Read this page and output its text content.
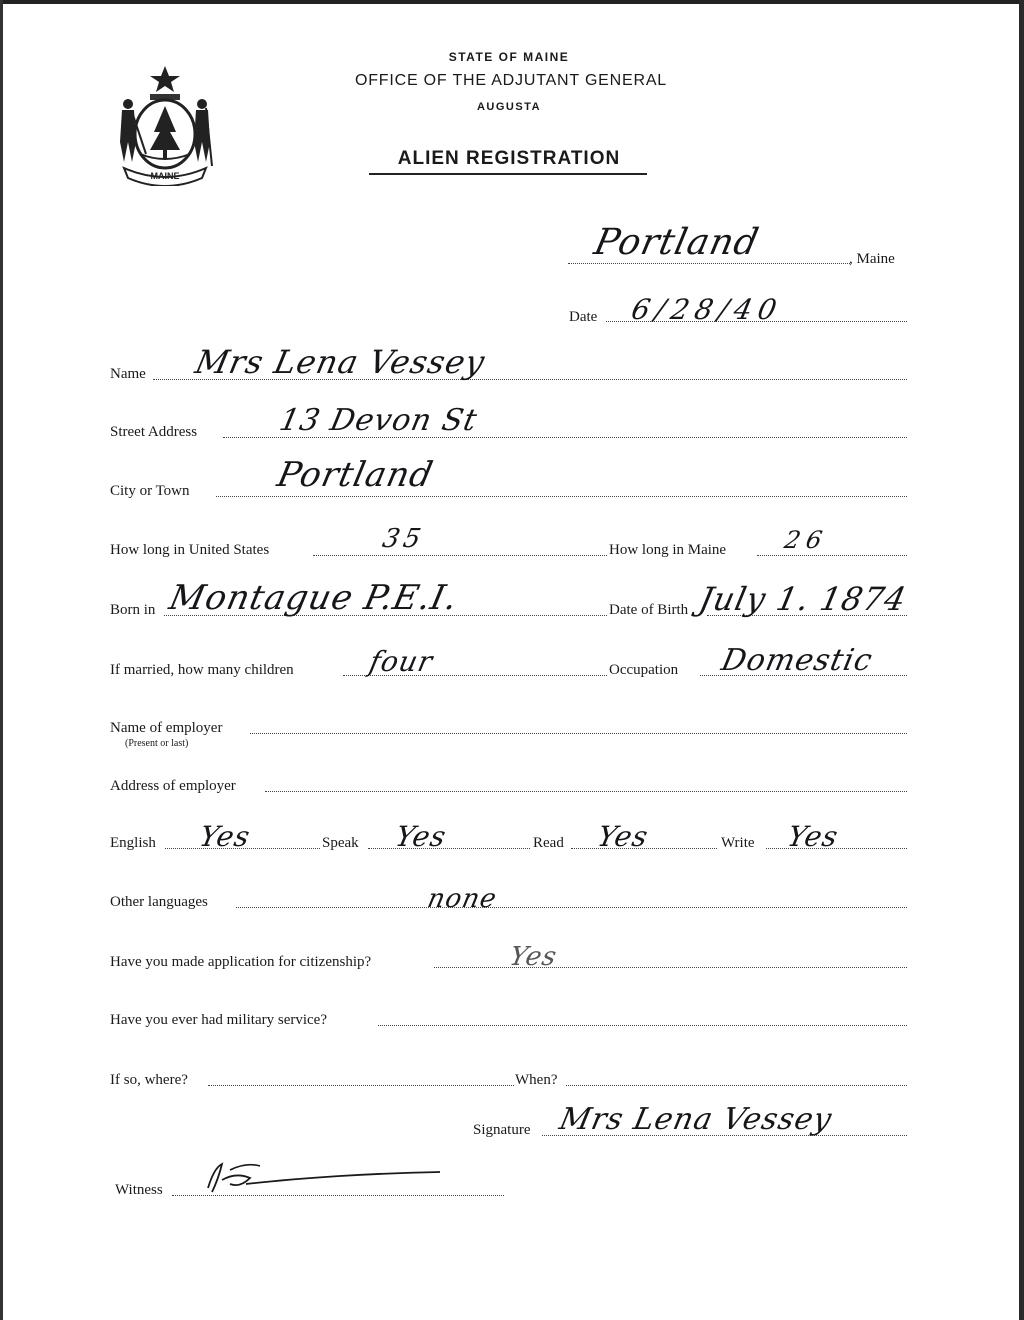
MAINE
STATE OF MAINE
OFFICE OF THE ADJUTANT GENERAL
AUGUSTA
ALIEN REGISTRATION
Portland	, Maine
Date 6/28/40
Name Mrs Lena Vessey
Street Address	13 Devon St
City or Town Portland
How long in United States	35	How long in Maine 26
Born in Montague P.E.I.	Date of Birth July 1. 1874
If married, how many children	four	Occupation Domestic
Name of employer
(Present or last)
Address of employer
English Yes	Speak Yes	Read Yes	Write Yes
Other languages	none
Have you made application for citizenship?	Yes
Have you ever had military service?
If so, where?	When?
Signature Mrs Lena Vessey
Witness
